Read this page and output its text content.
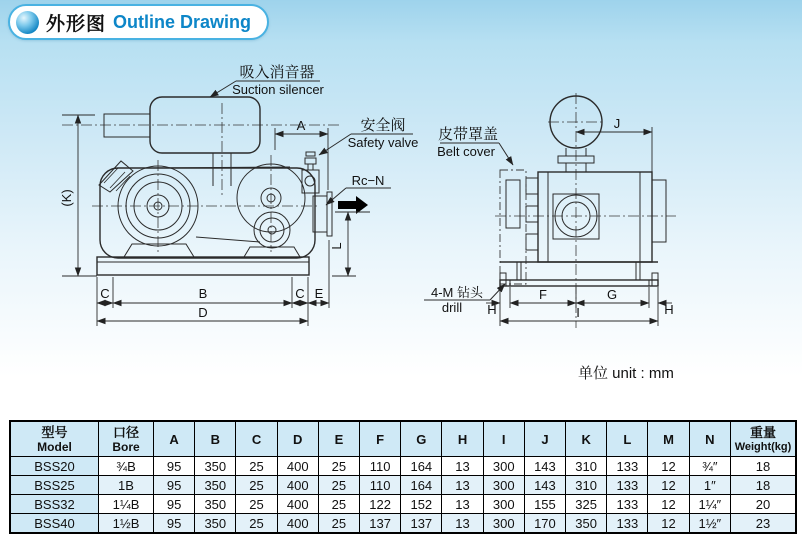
外形图 Outline Drawing
A
(K)
L
C	B	C E
D
J
F	G
H	H
I
吸入消音器
Suction silencer
安全阀
Safety valve 皮带罩盖
Belt cover
Rc−N
4-M 钻头
drill
单位 unit : mm
型号
Model

口径
Bore	A	B	C	D	E	F	G	H	I	J	K	L	M	N	重量
Weight(kg)

BSS20	¾B	95	350	25	400	25	110	164	13	300	143	310	133	12	¾″	18
BSS25	1B	95	350	25	400	25	110	164	13	300	143	310	133	12	1″	18
BSS32	1¼B	95	350	25	400	25	122	152	13	300	155	325	133	12	1¼″	20
BSS40	1½B	95	350	25	400	25	137	137	13	300	170	350	133	12	1½″	23
